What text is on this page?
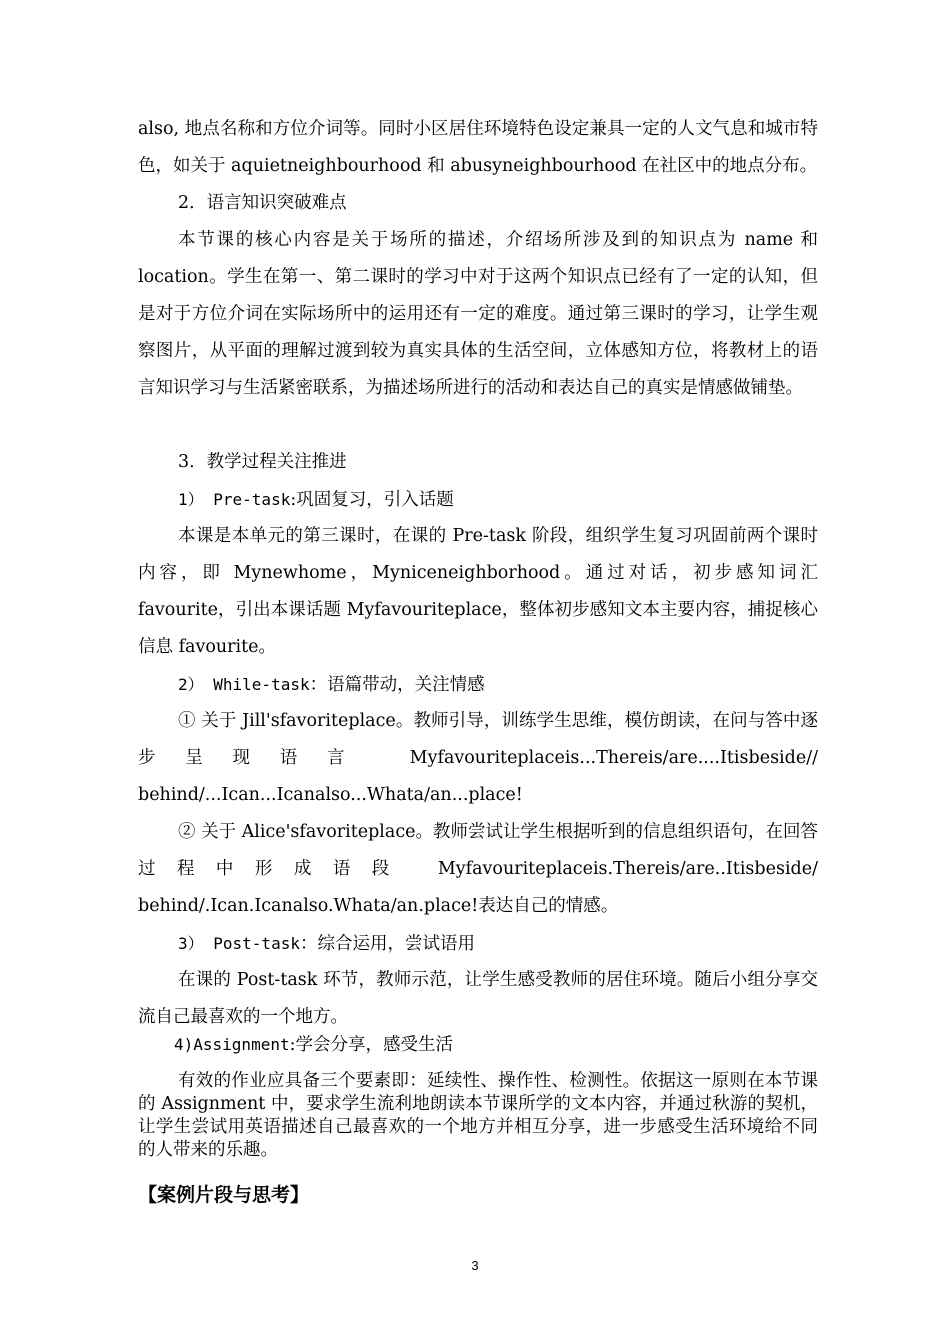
also, 地点名称和方位介词等。同时小区居住环境特色设定兼具一定的人文气息和城市特色，如关于 aquietneighbourhood 和 abusyneighbourhood 在社区中的地点分布。

2．语言知识突破难点

本节课的核心内容是关于场所的描述，介绍场所涉及到的知识点为 name 和 location。学生在第一、第二课时的学习中对于这两个知识点已经有了一定的认知，但是对于方位介词在实际场所中的运用还有一定的难度。通过第三课时的学习，让学生观察图片，从平面的理解过渡到较为真实具体的生活空间，立体感知方位，将教材上的语言知识学习与生活紧密联系，为描述场所进行的活动和表达自己的真实是情感做铺垫。

3．教学过程关注推进

1） Pre-task:巩固复习，引入话题

本课是本单元的第三课时，在课的 Pre-task 阶段，组织学生复习巩固前两个课时内容，即 Mynewhome，Myniceneighborhood。通过对话，初步感知词汇 favourite，引出本课话题 Myfavouriteplace，整体初步感知文本主要内容，捕捉核心信息 favourite。

2） While-task：语篇带动，关注情感

① 关于 Jill'sfavoriteplace。教师引导，训练学生思维，模仿朗读，在问与答中逐步呈现语言 Myfavouriteplaceis...Thereis/are....Itisbeside//

behind/...Ican...Icanalso...Whata/an...place!

② 关于 Alice'sfavoriteplace。教师尝试让学生根据听到的信息组织语句，在回答过程中形成语段 Myfavouriteplaceis.Thereis/are..Itisbeside/

behind/.Ican.Icanalso.Whata/an.place!表达自己的情感。

3） Post-task：综合运用，尝试语用

在课的 Post-task 环节，教师示范，让学生感受教师的居住环境。随后小组分享交流自己最喜欢的一个地方。

4)Assignment:学会分享，感受生活

有效的作业应具备三个要素即：延续性、操作性、检测性。依据这一原则在本节课的 Assignment 中，要求学生流利地朗读本节课所学的文本内容，并通过秋游的契机，让学生尝试用英语描述自己最喜欢的一个地方并相互分享，进一步感受生活环境给不同的人带来的乐趣。

【案例片段与思考】
3
